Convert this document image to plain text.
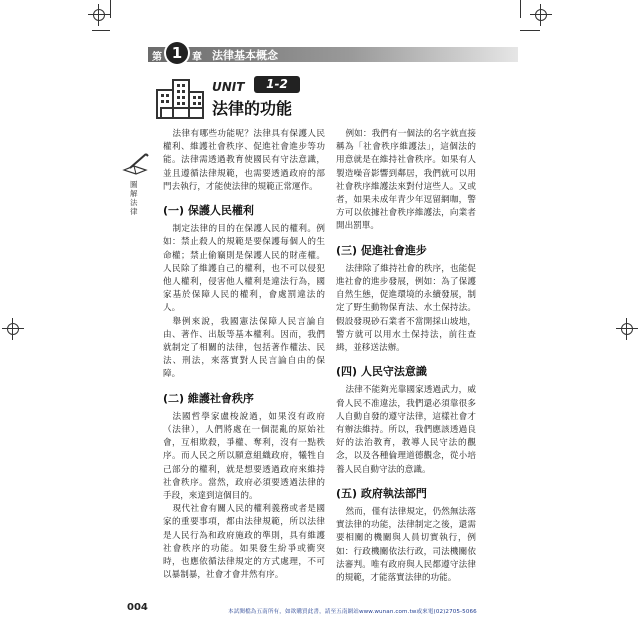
第 1 章 法律基本概念
UNIT	1-2
法律的功能
圖解法律

法律有哪些功能呢？法律具有保護人民權利、維護社會秩序、促進社會進步等功能。法律需透過教育使國民有守法意識，並且遵循法律規範，也需要透過政府的部門去執行，才能使法律的規範正常運作。

(一) 保護人民權利

制定法律的目的在保護人民的權利。例如：禁止殺人的規範是要保護每個人的生命權；禁止偷竊則是保護人民的財產權。人民除了維護自己的權利，也不可以侵犯他人權利，侵害他人權利是違法行為，國家基於保障人民的權利，會處罰違法的人。

舉例來說，我國憲法保障人民言論自由、著作、出版等基本權利。因而，我們就制定了相關的法律，包括著作權法、民法、刑法，來落實對人民言論自由的保障。

(二) 維護社會秩序

法國哲學家盧梭說過，如果沒有政府（法律），人們將處在一個混亂的原始社會，互相欺殺，爭權、奪利，沒有一點秩序。而人民之所以願意組織政府，犧牲自己部分的權利，就是想要透過政府來維持社會秩序。當然，政府必須要透過法律的手段，來達到這個目的。

現代社會有關人民的權利義務或者是國家的重要事項，都由法律規範，所以法律是人民行為和政府施政的準則，具有維護社會秩序的功能。如果發生紛爭或衝突時，也應依循法律規定的方式處理，不可以暴制暴，社會才會井然有序。

例如：我們有一個法的名字就直接稱為「社會秩序維護法」，這個法的用意就是在維持社會秩序。如果有人製造噪音影響到鄰居，我們就可以用社會秩序維護法來對付這些人。又或者，如果未成年青少年逗留網咖，警方可以依據社會秩序維護法，向業者開出罰單。

(三) 促進社會進步

法律除了維持社會的秩序，也能促進社會的進步發展，例如：為了保護自然生態，促進環境的永續發展，制定了野生動物保育法、水土保持法。假設發現砂石業者不當開採山坡地，警方就可以用水土保持法，前往查緝，並移送法辦。

(四) 人民守法意識

法律不能夠光靠國家透過武力，威脅人民不准違法，我們還必須靠很多人自動自發的遵守法律，這樣社會才有辦法維持。所以，我們應該透過良好的法治教育，教導人民守法的觀念，以及各種倫理道德觀念，從小培養人民自動守法的意識。

(五) 政府執法部門

然而，僅有法律規定，仍然無法落實法律的功能，法律制定之後，還需要相關的機關與人員切實執行，例如：行政機關依法行政，司法機關依法審判。唯有政府與人民都遵守法律的規範，才能落實法律的功能。

004	本試閱檔為五南所有，如欲購買此書，請至五南網站www.wunan.com.tw或來電(02)2705-5066
